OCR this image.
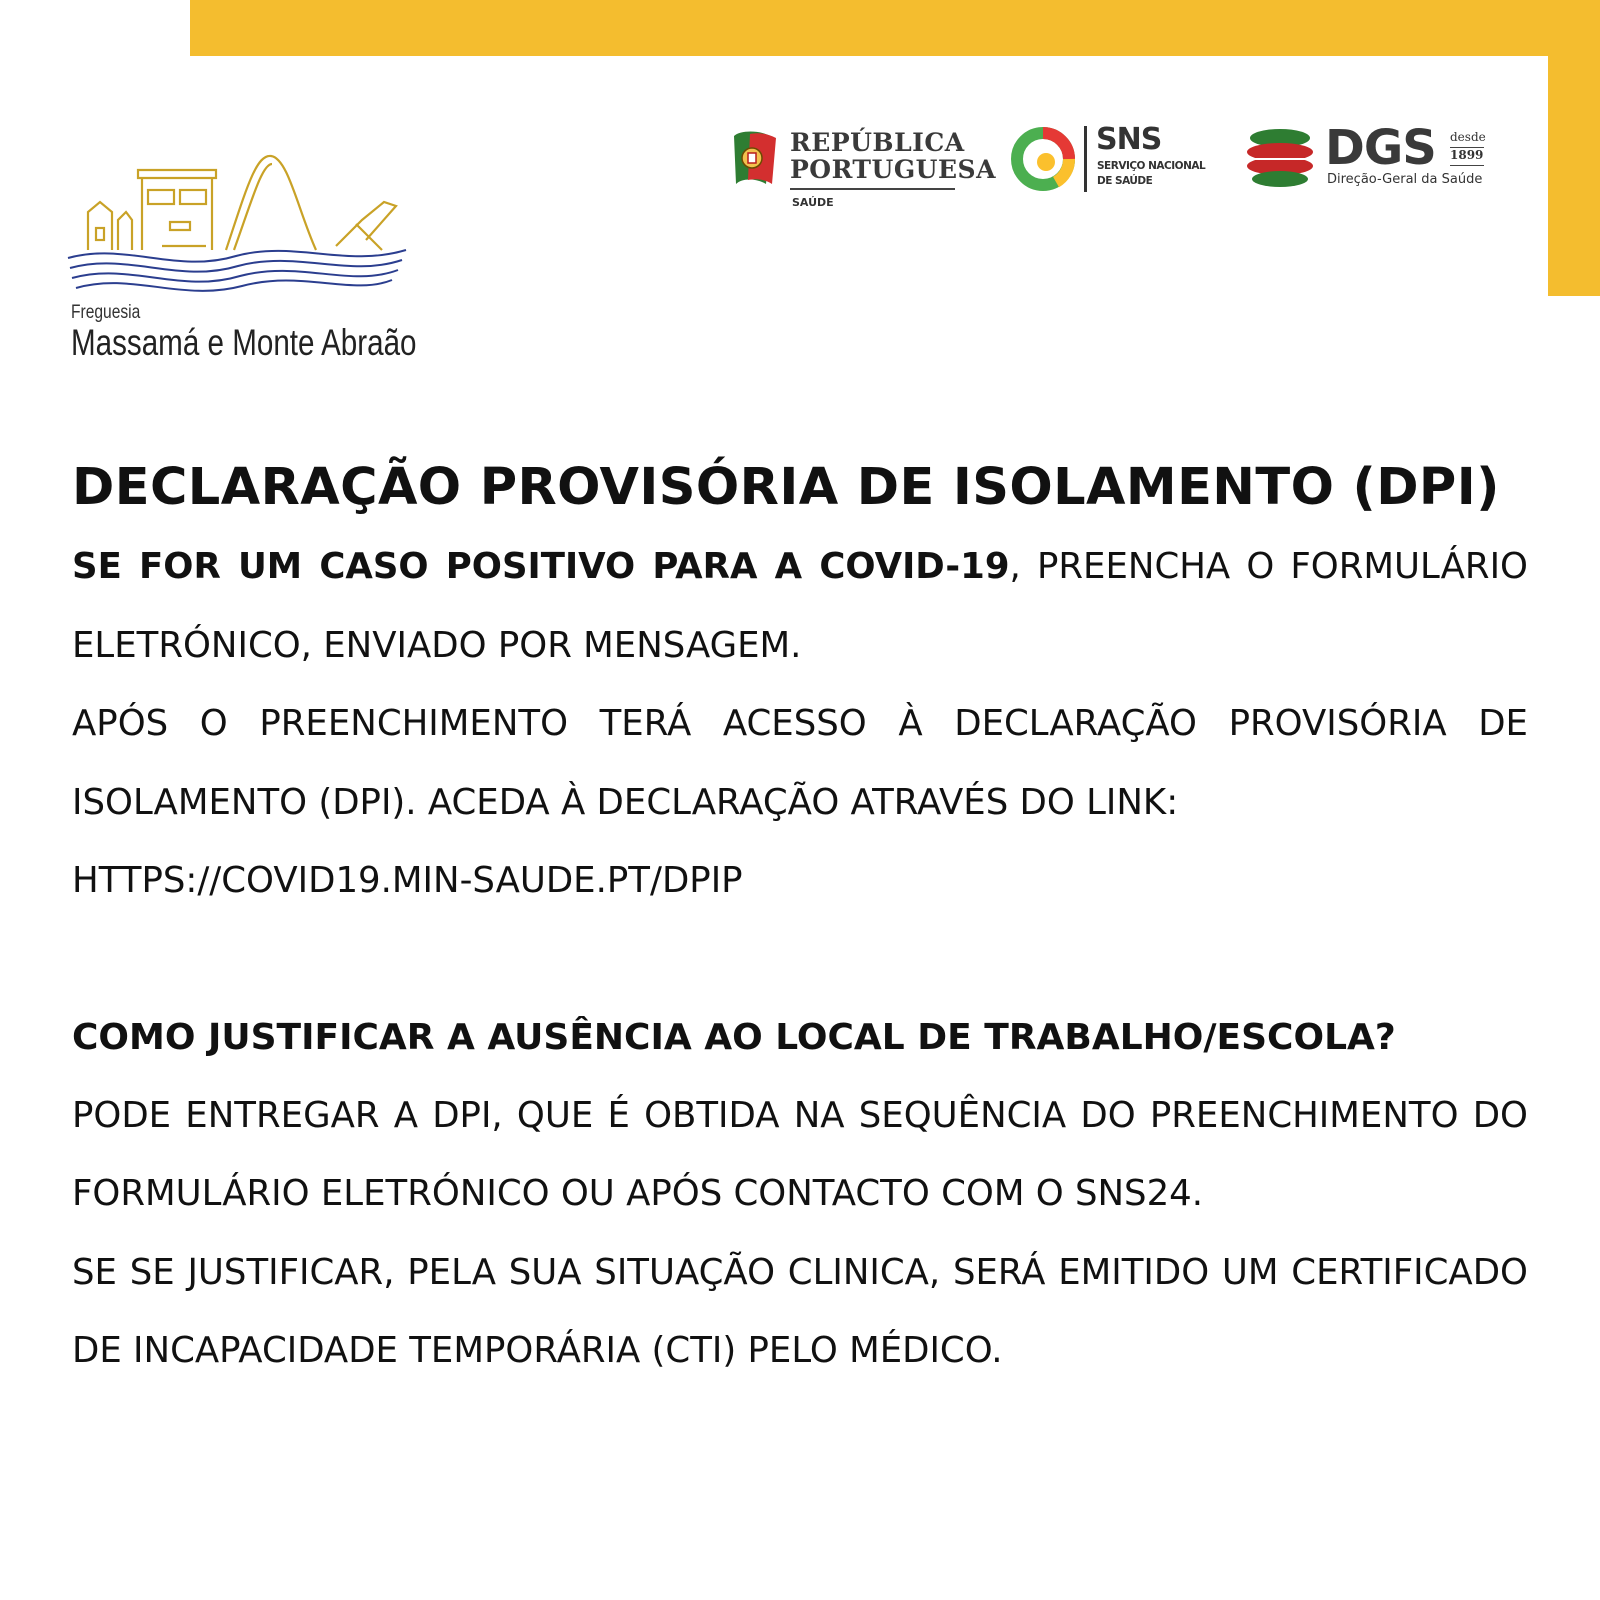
Freguesia
Massamá e Monte Abraão
REPÚBLICA
PORTUGUESA
SAÚDE
SNS
SERVIÇO NACIONAL
DE SAÚDE
DGS desde
1899
Direção-Geral da Saúde
DECLARAÇÃO PROVISÓRIA DE ISOLAMENTO (DPI)

SE FOR UM CASO POSITIVO PARA A COVID-19, PREENCHA O FORMULÁRIO ELETRÓNICO, ENVIADO POR MENSAGEM.

APÓS O PREENCHIMENTO TERÁ ACESSO À DECLARAÇÃO PROVISÓRIA DE ISOLAMENTO (DPI). ACEDA À DECLARAÇÃO ATRAVÉS DO LINK:

HTTPS://COVID19.MIN-SAUDE.PT/DPIP

COMO JUSTIFICAR A AUSÊNCIA AO LOCAL DE TRABALHO/ESCOLA?

PODE ENTREGAR A DPI, QUE É OBTIDA NA SEQUÊNCIA DO PREENCHIMENTO DO FORMULÁRIO ELETRÓNICO OU APÓS CONTACTO COM O SNS24.

SE SE JUSTIFICAR, PELA SUA SITUAÇÃO CLINICA, SERÁ EMITIDO UM CERTIFICADO DE INCAPACIDADE TEMPORÁRIA (CTI) PELO MÉDICO.
